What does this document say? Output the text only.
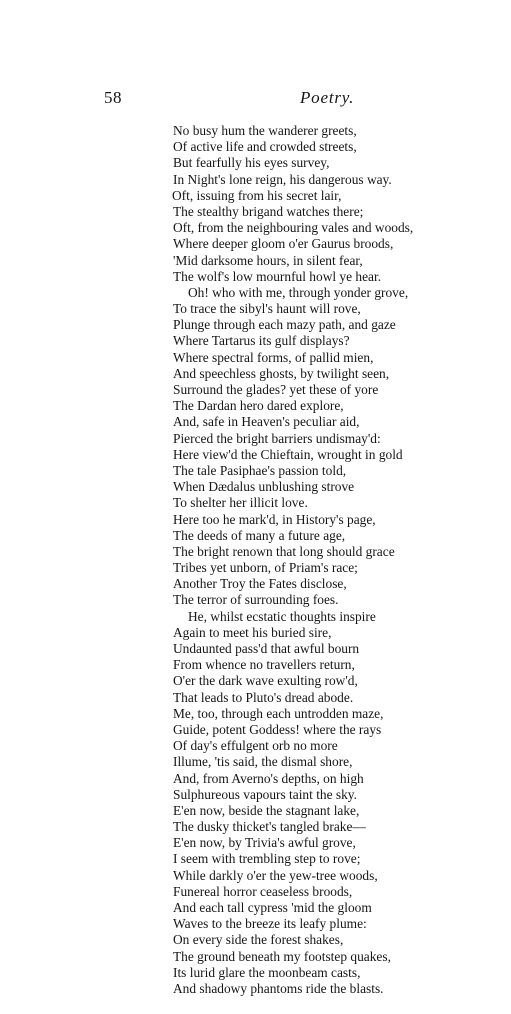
58	Poetry.
No busy hum the wanderer greets,
Of active life and crowded streets,
But fearfully his eyes survey,
In Night's lone reign, his dangerous way.
Oft, issuing from his secret lair,
The stealthy brigand watches there;
Oft, from the neighbouring vales and woods,
Where deeper gloom o'er Gaurus broods,
'Mid darksome hours, in silent fear,
The wolf's low mournful howl ye hear.
Oh! who with me, through yonder grove,
To trace the sibyl's haunt will rove,
Plunge through each mazy path, and gaze
Where Tartarus its gulf displays?
Where spectral forms, of pallid mien,
And speechless ghosts, by twilight seen,
Surround the glades? yet these of yore
The Dardan hero dared explore,
And, safe in Heaven's peculiar aid,
Pierced the bright barriers undismay'd:
Here view'd the Chieftain, wrought in gold
The tale Pasiphae's passion told,
When Dædalus unblushing strove
To shelter her illicit love.
Here too he mark'd, in History's page,
The deeds of many a future age,
The bright renown that long should grace
Tribes yet unborn, of Priam's race;
Another Troy the Fates disclose,
The terror of surrounding foes.
He, whilst ecstatic thoughts inspire
Again to meet his buried sire,
Undaunted pass'd that awful bourn
From whence no travellers return,
O'er the dark wave exulting row'd,
That leads to Pluto's dread abode.
Me, too, through each untrodden maze,
Guide, potent Goddess! where the rays
Of day's effulgent orb no more
Illume, 'tis said, the dismal shore,
And, from Averno's depths, on high
Sulphureous vapours taint the sky.
E'en now, beside the stagnant lake,
The dusky thicket's tangled brake—
E'en now, by Trivia's awful grove,
I seem with trembling step to rove;
While darkly o'er the yew-tree woods,
Funereal horror ceaseless broods,
And each tall cypress 'mid the gloom
Waves to the breeze its leafy plume:
On every side the forest shakes,
The ground beneath my footstep quakes,
Its lurid glare the moonbeam casts,
And shadowy phantoms ride the blasts.
